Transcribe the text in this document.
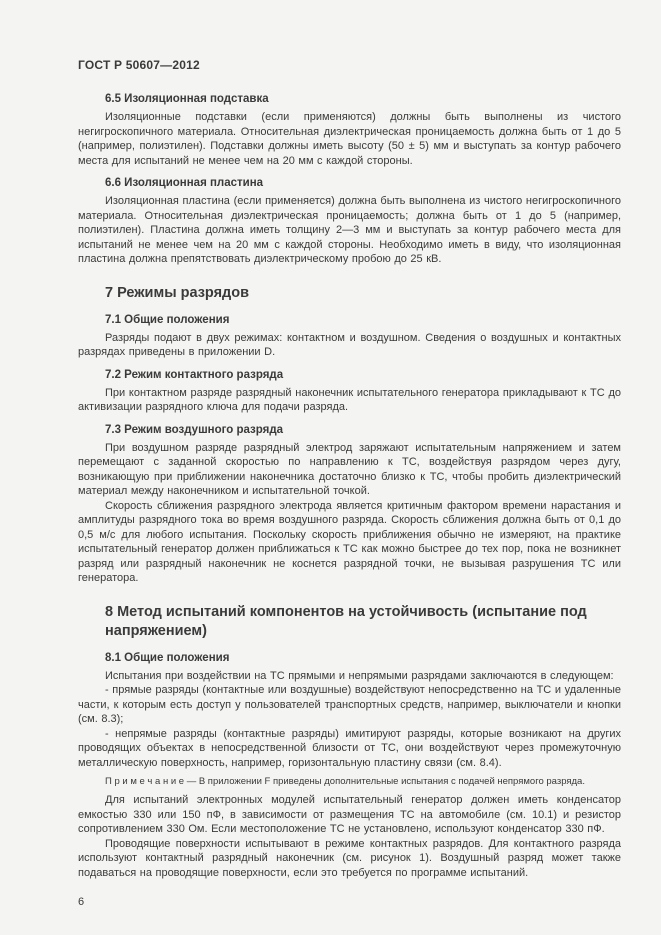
ГОСТ Р 50607—2012
6.5 Изоляционная подставка

Изоляционные подставки (если применяются) должны быть выполнены из чистого негигроскопичного материала. Относительная диэлектрическая проницаемость должна быть от 1 до 5 (например, полиэтилен). Подставки должны иметь высоту (50 ± 5) мм и выступать за контур рабочего места для испытаний не менее чем на 20 мм с каждой стороны.

6.6 Изоляционная пластина

Изоляционная пластина (если применяется) должна быть выполнена из чистого негигроскопичного материала. Относительная диэлектрическая проницаемость; должна быть от 1 до 5 (например, полиэтилен). Пластина должна иметь толщину 2—3 мм и выступать за контур рабочего места для испытаний не менее чем на 20 мм с каждой стороны. Необходимо иметь в виду, что изоляционная пластина должна препятствовать диэлектрическому пробою до 25 кВ.

7 Режимы разрядов
7.1 Общие положения

Разряды подают в двух режимах: контактном и воздушном. Сведения о воздушных и контактных разрядах приведены в приложении D.

7.2 Режим контактного разряда

При контактном разряде разрядный наконечник испытательного генератора прикладывают к ТС до активизации разрядного ключа для подачи разряда.

7.3 Режим воздушного разряда

При воздушном разряде разрядный электрод заряжают испытательным напряжением и затем перемещают с заданной скоростью по направлению к ТС, воздействуя разрядом через дугу, возникающую при приближении наконечника достаточно близко к ТС, чтобы пробить диэлектрический материал между наконечником и испытательной точкой.

Скорость сближения разрядного электрода является критичным фактором времени нарастания и амплитуды разрядного тока во время воздушного разряда. Скорость сближения должна быть от 0,1 до 0,5 м/с для любого испытания. Поскольку скорость приближения обычно не измеряют, на практике испытательный генератор должен приближаться к ТС как можно быстрее до тех пор, пока не возникнет разряд или разрядный наконечник не коснется разрядной точки, не вызывая разрушения ТС или генератора.

8 Метод испытаний компонентов на устойчивость (испытание под напряжением)
8.1 Общие положения

Испытания при воздействии на ТС прямыми и непрямыми разрядами заключаются в следующем:

- прямые разряды (контактные или воздушные) воздействуют непосредственно на ТС и удаленные части, к которым есть доступ у пользователей транспортных средств, например, выключатели и кнопки (см. 8.3);

- непрямые разряды (контактные разряды) имитируют разряды, которые возникают на других проводящих объектах в непосредственной близости от ТС, они воздействуют через промежуточную металлическую поверхность, например, горизонтальную пластину связи (см. 8.4).

П р и м е ч а н и е — В приложении F приведены дополнительные испытания с подачей непрямого разряда.

Для испытаний электронных модулей испытательный генератор должен иметь конденсатор емкостью 330 или 150 пФ, в зависимости от размещения ТС на автомобиле (см. 10.1) и резистор сопротивлением 330 Ом. Если местоположение ТС не установлено, используют конденсатор 330 пФ.

Проводящие поверхности испытывают в режиме контактных разрядов. Для контактного разряда используют контактный разрядный наконечник (см. рисунок 1). Воздушный разряд может также подаваться на проводящие поверхности, если это требуется по программе испытаний.

6
